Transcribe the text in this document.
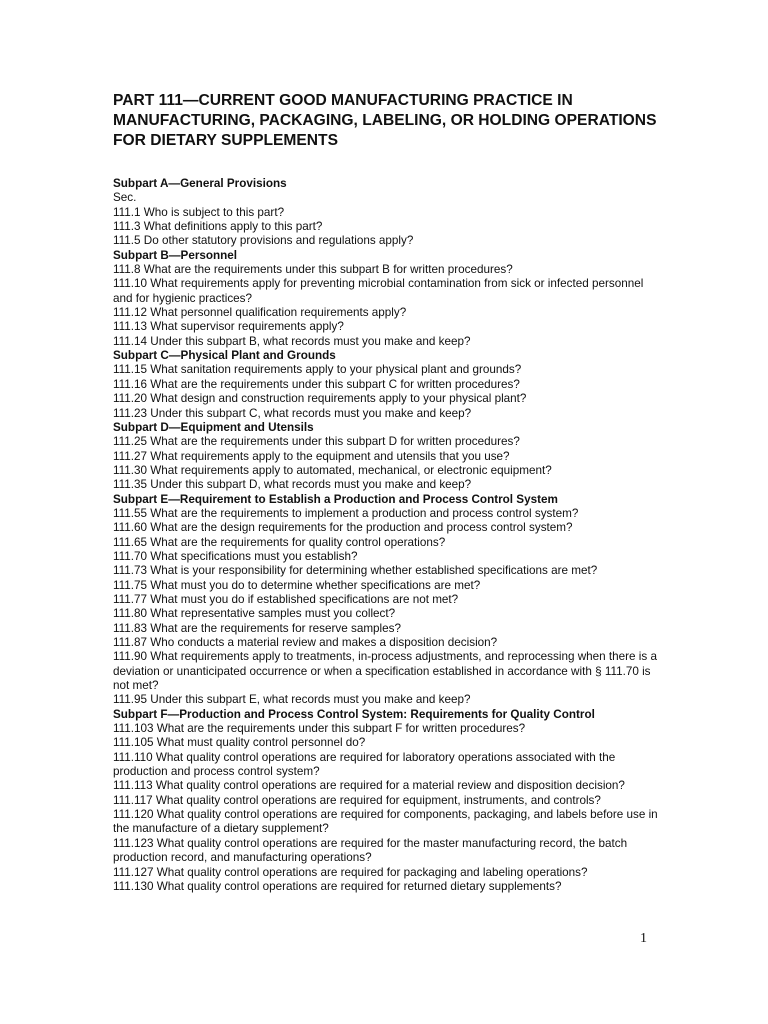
PART 111—CURRENT GOOD MANUFACTURING PRACTICE IN MANUFACTURING, PACKAGING, LABELING, OR HOLDING OPERATIONS FOR DIETARY SUPPLEMENTS
Subpart A—General Provisions
Sec.
111.1 Who is subject to this part?
111.3 What definitions apply to this part?
111.5 Do other statutory provisions and regulations apply?
Subpart B—Personnel
111.8 What are the requirements under this subpart B for written procedures?
111.10 What requirements apply for preventing microbial contamination from sick or infected personnel and for hygienic practices?
111.12 What personnel qualification requirements apply?
111.13 What supervisor requirements apply?
111.14 Under this subpart B, what records must you make and keep?
Subpart C—Physical Plant and Grounds
111.15 What sanitation requirements apply to your physical plant and grounds?
111.16 What are the requirements under this subpart C for written procedures?
111.20 What design and construction requirements apply to your physical plant?
111.23 Under this subpart C, what records must you make and keep?
Subpart D—Equipment and Utensils
111.25 What are the requirements under this subpart D for written procedures?
111.27 What requirements apply to the equipment and utensils that you use?
111.30 What requirements apply to automated, mechanical, or electronic equipment?
111.35 Under this subpart D, what records must you make and keep?
Subpart E—Requirement to Establish a Production and Process Control System
111.55 What are the requirements to implement a production and process control system?
111.60 What are the design requirements for the production and process control system?
111.65 What are the requirements for quality control operations?
111.70 What specifications must you establish?
111.73 What is your responsibility for determining whether established specifications are met?
111.75 What must you do to determine whether specifications are met?
111.77 What must you do if established specifications are not met?
111.80 What representative samples must you collect?
111.83 What are the requirements for reserve samples?
111.87 Who conducts a material review and makes a disposition decision?
111.90 What requirements apply to treatments, in-process adjustments, and reprocessing when there is a deviation or unanticipated occurrence or when a specification established in accordance with § 111.70 is not met?
111.95 Under this subpart E, what records must you make and keep?
Subpart F—Production and Process Control System: Requirements for Quality Control
111.103 What are the requirements under this subpart F for written procedures?
111.105 What must quality control personnel do?
111.110 What quality control operations are required for laboratory operations associated with the production and process control system?
111.113 What quality control operations are required for a material review and disposition decision?
111.117 What quality control operations are required for equipment, instruments, and controls?
111.120 What quality control operations are required for components, packaging, and labels before use in the manufacture of a dietary supplement?
111.123 What quality control operations are required for the master manufacturing record, the batch production record, and manufacturing operations?
111.127 What quality control operations are required for packaging and labeling operations?
111.130 What quality control operations are required for returned dietary supplements?
1
